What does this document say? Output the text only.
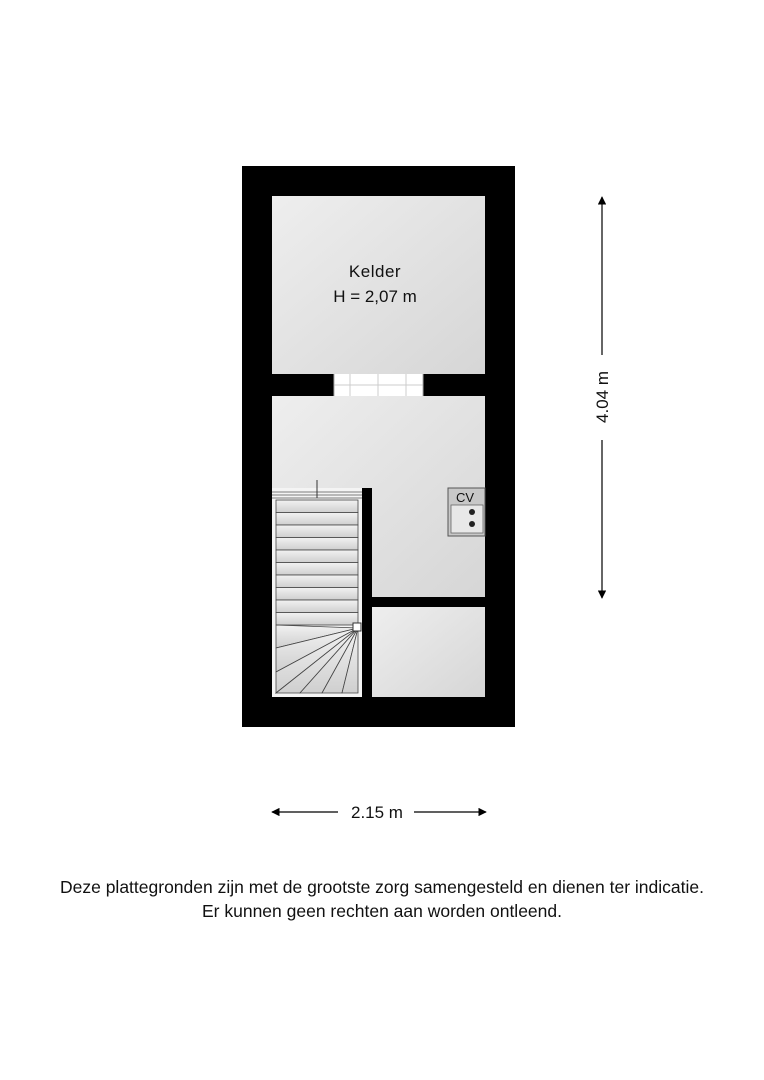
CV
Kelder
H = 2,07 m
4.04 m
2.15 m
Deze plattegronden zijn met de grootste zorg samengesteld en dienen ter indicatie.
Er kunnen geen rechten aan worden ontleend.
